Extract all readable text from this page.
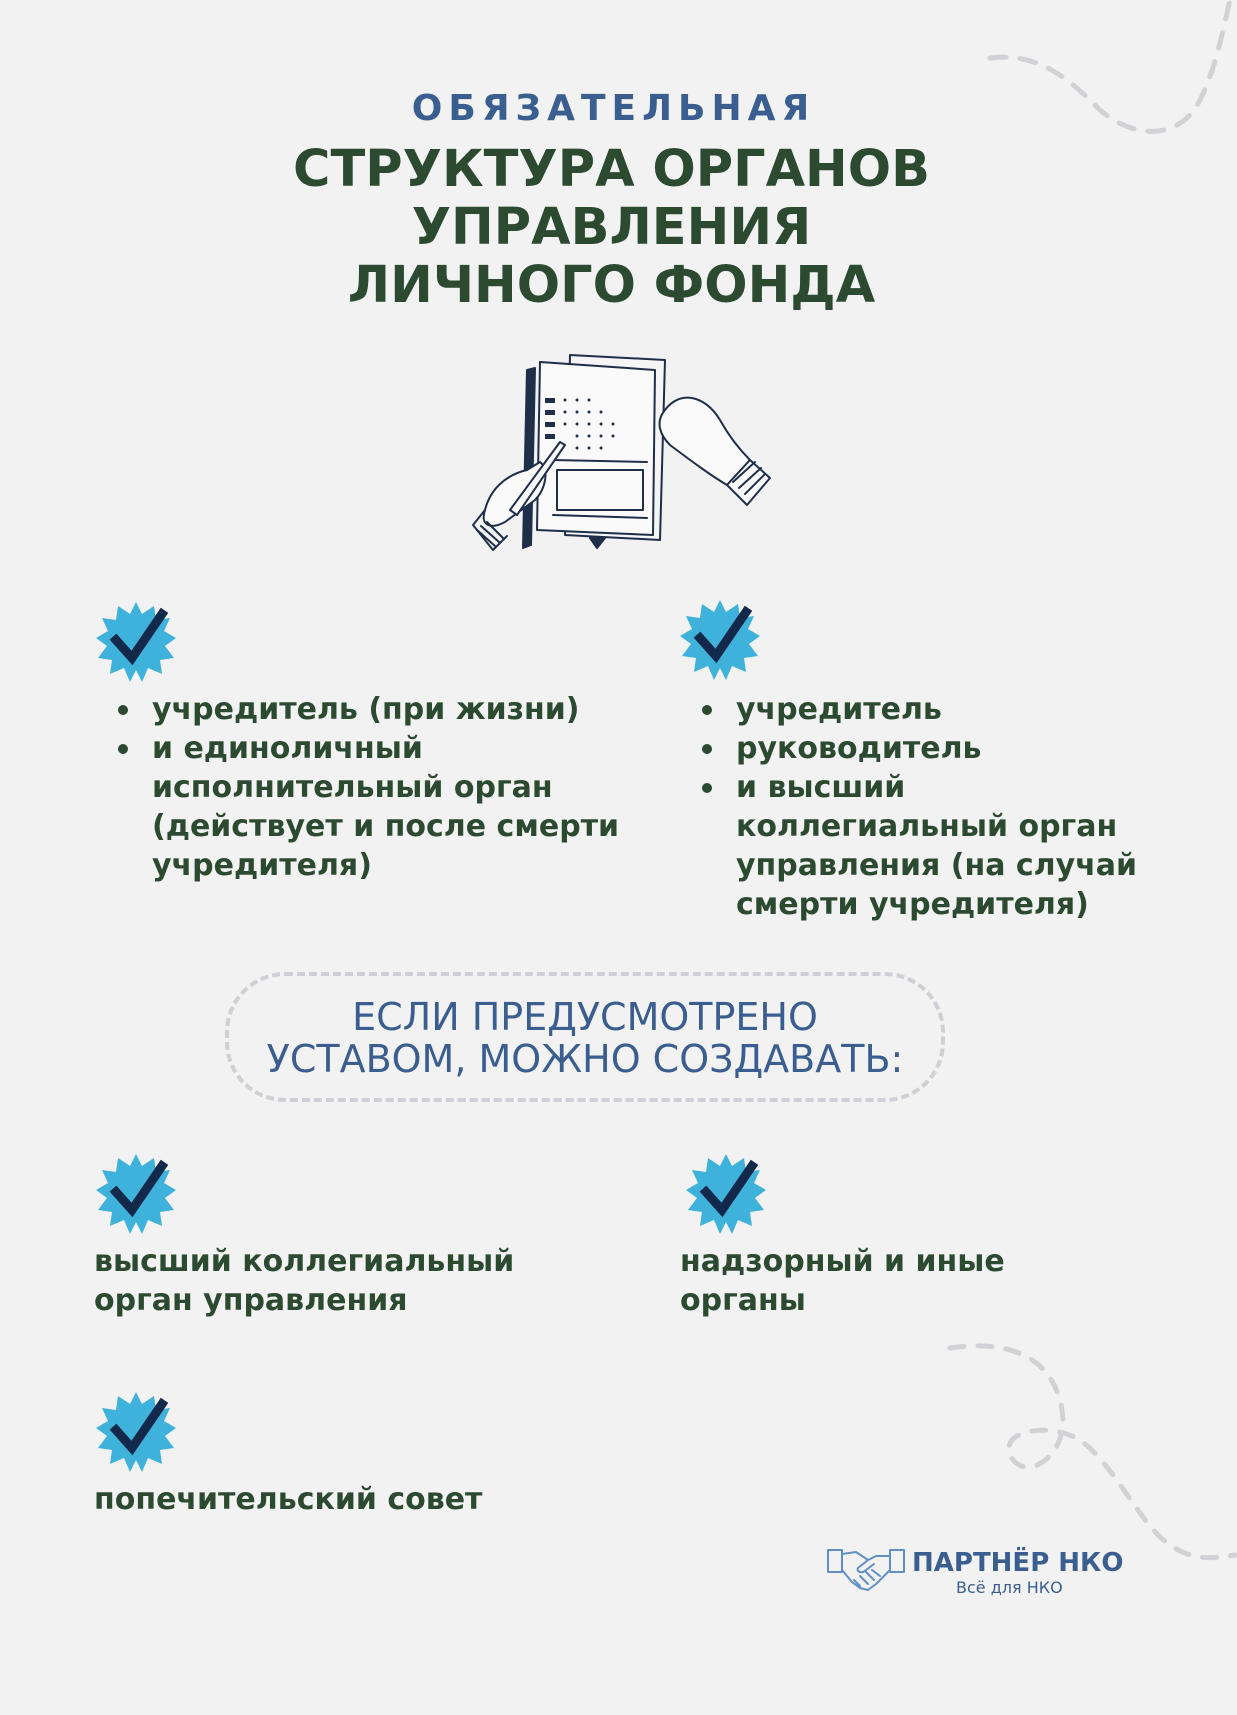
ОБЯЗАТЕЛЬНАЯ
СТРУКТУРА ОРГАНОВ
УПРАВЛЕНИЯ
ЛИЧНОГО ФОНДА
учредитель (при жизни)
и единоличный исполнительный орган (действует и после смерти учредителя)
учредитель
руководитель
и высший коллегиальный орган управления (на случай смерти учредителя)
ЕСЛИ ПРЕДУСМОТРЕНО
УСТАВОМ, МОЖНО СОЗДАВАТЬ:
высший коллегиальный
орган управления
надзорный и иные
органы
попечительский совет
ПАРТНЁР НКО
Всё для НКО
